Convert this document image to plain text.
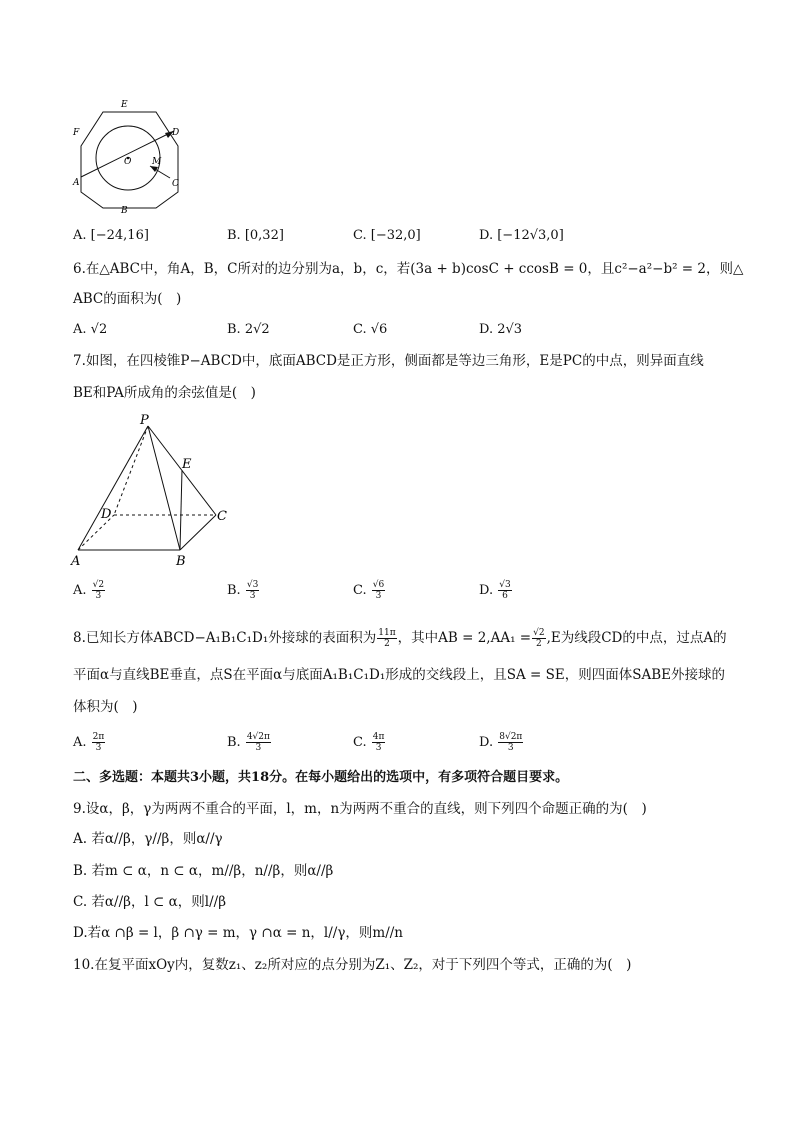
E
F	D
O M
A	C
B
A. [−24,16]	B. [0,32]	C. [−32,0]	D. [−12√3,0]
6.在△ABC中，角A，B，C所对的边分别为a，b，c，若(3a + b)cosC + ccosB = 0，且c²−a²−b² = 2，则△
ABC的面积为(　)
A. √2	B. 2√2	C. √6	D. 2√3
7.如图，在四棱锥P−ABCD中，底面ABCD是正方形，侧面都是等边三角形，E是PC的中点，则异面直线
BE和PA所成角的余弦值是(　)
P
E
D	C
A	B
A. $\frac{√2}{3}$	B. $\frac{√3}{3}$	C. $\frac{√6}{3}$	D. $\frac{√3}{6}$
8.已知长方体ABCD−A₁B₁C₁D₁外接球的表面积为 $\frac{11\pi}{2}$ ，其中AB = $2,AA_1 = \frac{√2}{2} ,E$为线段CD的中点，过点A的
平面α与直线BE垂直，点S在平面α与底面A₁B₁C₁D₁形成的交线段上，且SA = SE，则四面体SABE外接球的
体积为(　)
A. $\frac{2\pi}{3}$	B. $\frac{4√2\pi}{3}$	C. $\frac{4\pi}{3}$	D. $\frac{8√2\pi}{3}$
二、多选题：本题共3小题，共18分。在每小题给出的选项中，有多项符合题目要求。
9.设α，β，γ为两两不重合的平面，l，m，n为两两不重合的直线，则下列四个命题正确的为(　)
A. 若α//β，γ//β，则α//γ
B. 若m ⊂ α，n ⊂ α，m//β，n//β，则α//β
C. 若α//β，l ⊂ α，则l//β
D.若α ∩β = l，β ∩γ = m，γ ∩α = n，l//γ，则m//n
10.在复平面xOy内，复数z₁、z₂所对应的点分别为Z₁、Z₂，对于下列四个等式，正确的为(　)
